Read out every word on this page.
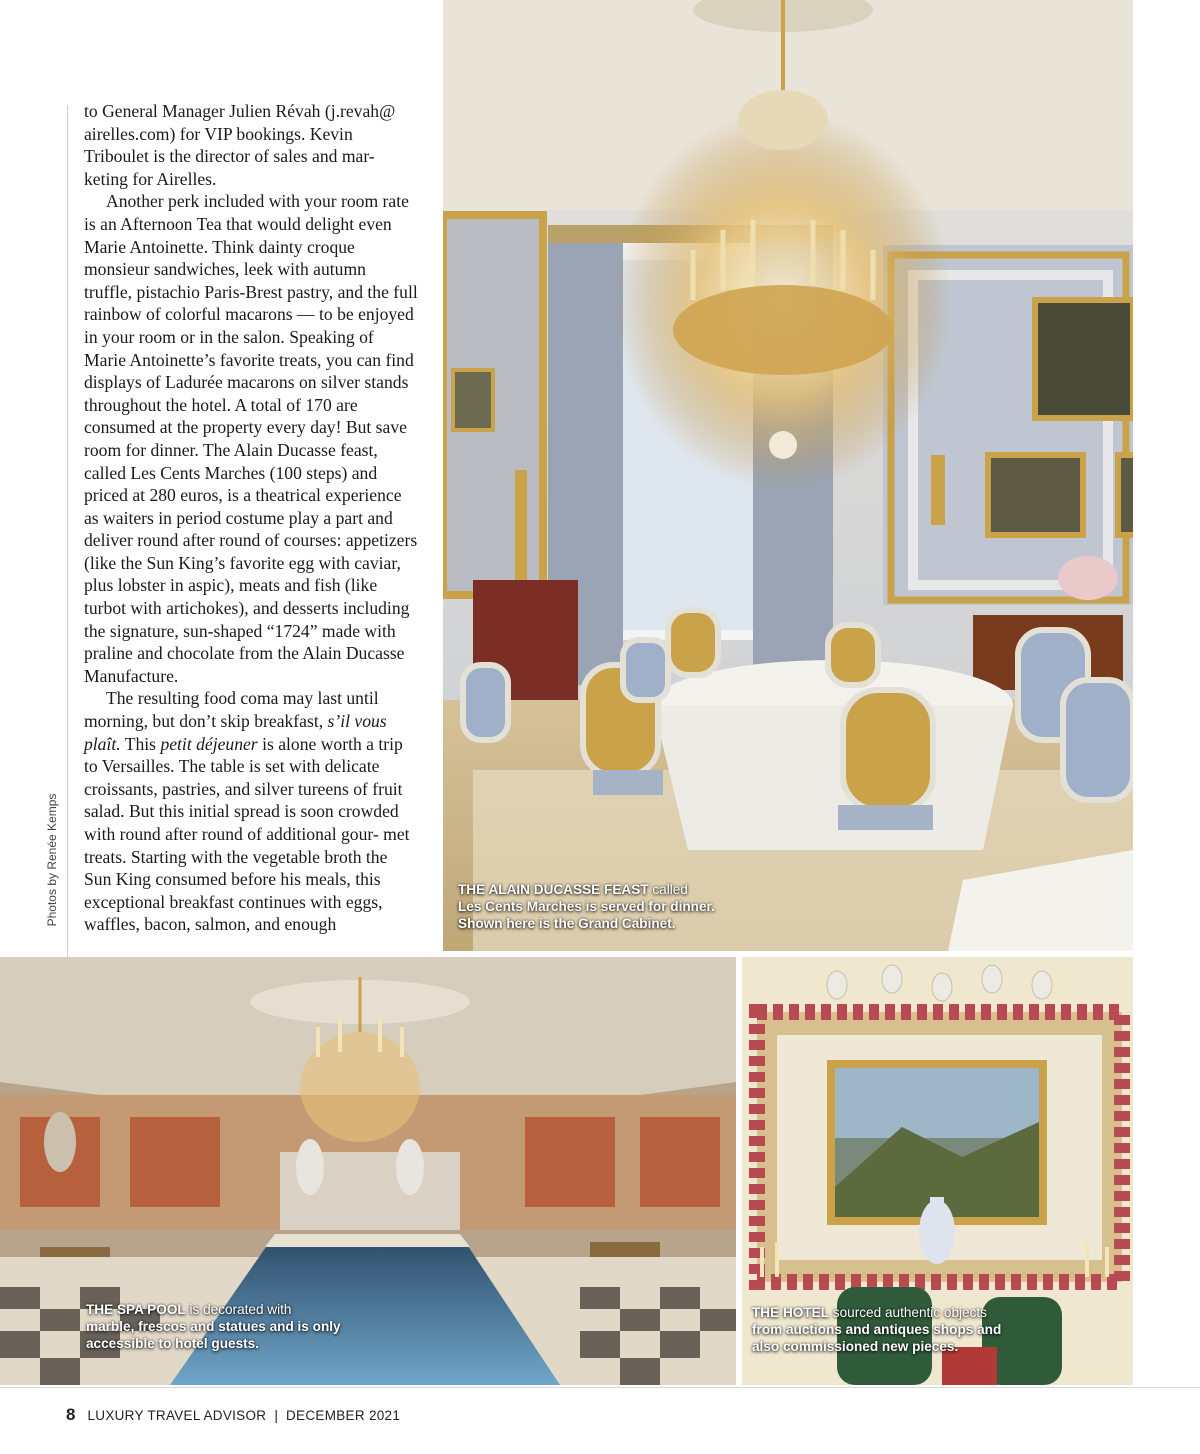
Photos by Renée Kemps

to General Manager Julien Révah (j.revah@ airelles.com) for VIP bookings. Kevin Triboulet is the director of sales and mar- keting for Airelles.

Another perk included with your room rate is an Afternoon Tea that would delight even Marie Antoinette. Think dainty croque monsieur sandwiches, leek with autumn truffle, pistachio Paris-Brest pastry, and the full rainbow of colorful macarons — to be enjoyed in your room or in the salon. Speaking of Marie Antoinette’s favorite treats, you can find displays of Ladurée macarons on silver stands throughout the hotel. A total of 170 are consumed at the property every day! But save room for dinner. The Alain Ducasse feast, called Les Cents Marches (100 steps) and priced at 280 euros, is a theatrical experience as waiters in period costume play a part and deliver round after round of courses: appetizers (like the Sun King’s favorite egg with caviar, plus lobster in aspic), meats and fish (like turbot with artichokes), and desserts including the signature, sun-shaped “1724” made with praline and chocolate from the Alain Ducasse Manufacture.

The resulting food coma may last until morning, but don’t skip breakfast, s’il vous plaît. This petit déjeuner is alone worth a trip to Versailles. The table is set with delicate croissants, pastries, and silver tureens of fruit salad. But this initial spread is soon crowded with round after round of additional gour- met treats. Starting with the vegetable broth the Sun King consumed before his meals, this exceptional breakfast continues with eggs, waffles, bacon, salmon, and enough

THE ALAIN DUCASSE FEAST called
Les Cents Marches is served for dinner.
Shown here is the Grand Cabinet.
THE SPA POOL is decorated with
marble, frescos and statues and is only
accessible to hotel guests.
THE HOTEL sourced authentic objects
from auctions and antiques shops and
also commissioned new pieces.
8 LUXURY TRAVEL ADVISOR | DECEMBER 2021
